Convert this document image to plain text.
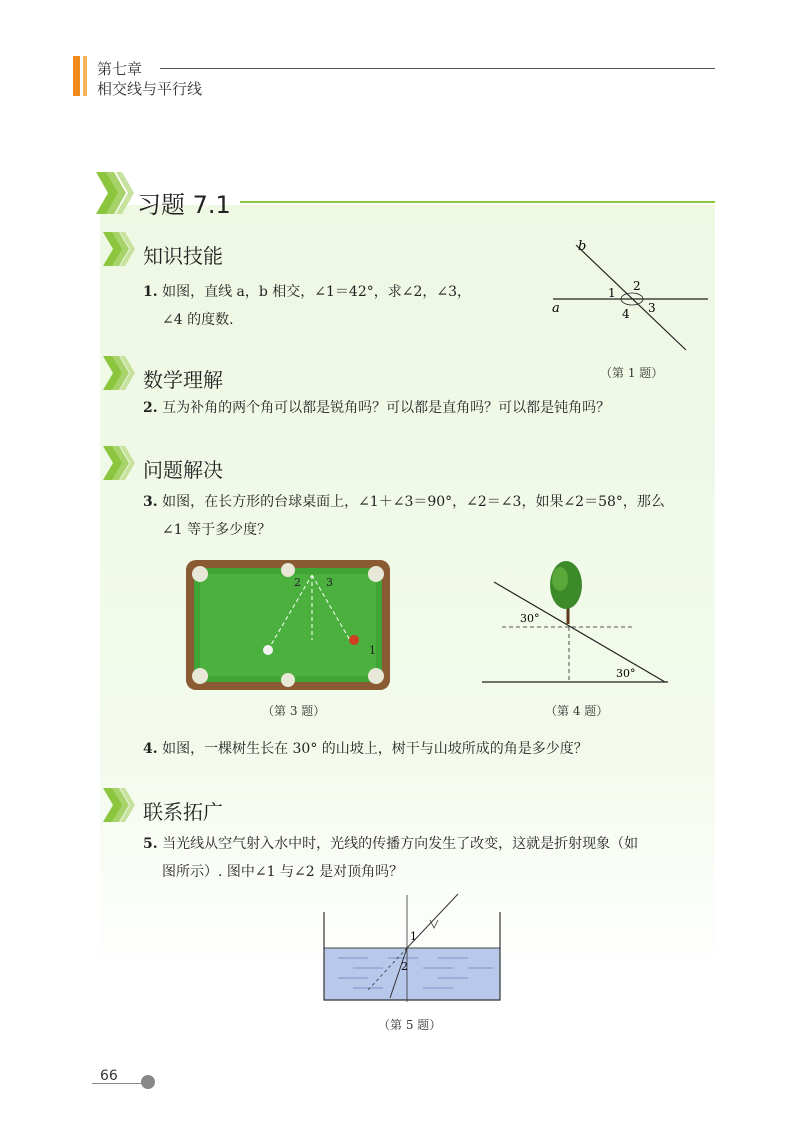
第七章
相交线与平行线
习题 7.1
知识技能
1. 如图，直线 a，b 相交，∠1＝42°，求∠2，∠3，
∠4 的度数.
b
a
1 2
3
4
（第 1 题）
数学理解
2. 互为补角的两个角可以都是锐角吗？可以都是直角吗？可以都是钝角吗？
问题解决
3. 如图，在长方形的台球桌面上，∠1＋∠3＝90°，∠2＝∠3，如果∠2＝58°，那么
∠1 等于多少度？
2 3
1
（第 3 题）
30°
30°
（第 4 题）
4. 如图，一棵树生长在 30° 的山坡上，树干与山坡所成的角是多少度？
联系拓广
5. 当光线从空气射入水中时，光线的传播方向发生了改变，这就是折射现象（如
图所示）. 图中∠1 与∠2 是对顶角吗？
1
2
（第 5 题）
66
